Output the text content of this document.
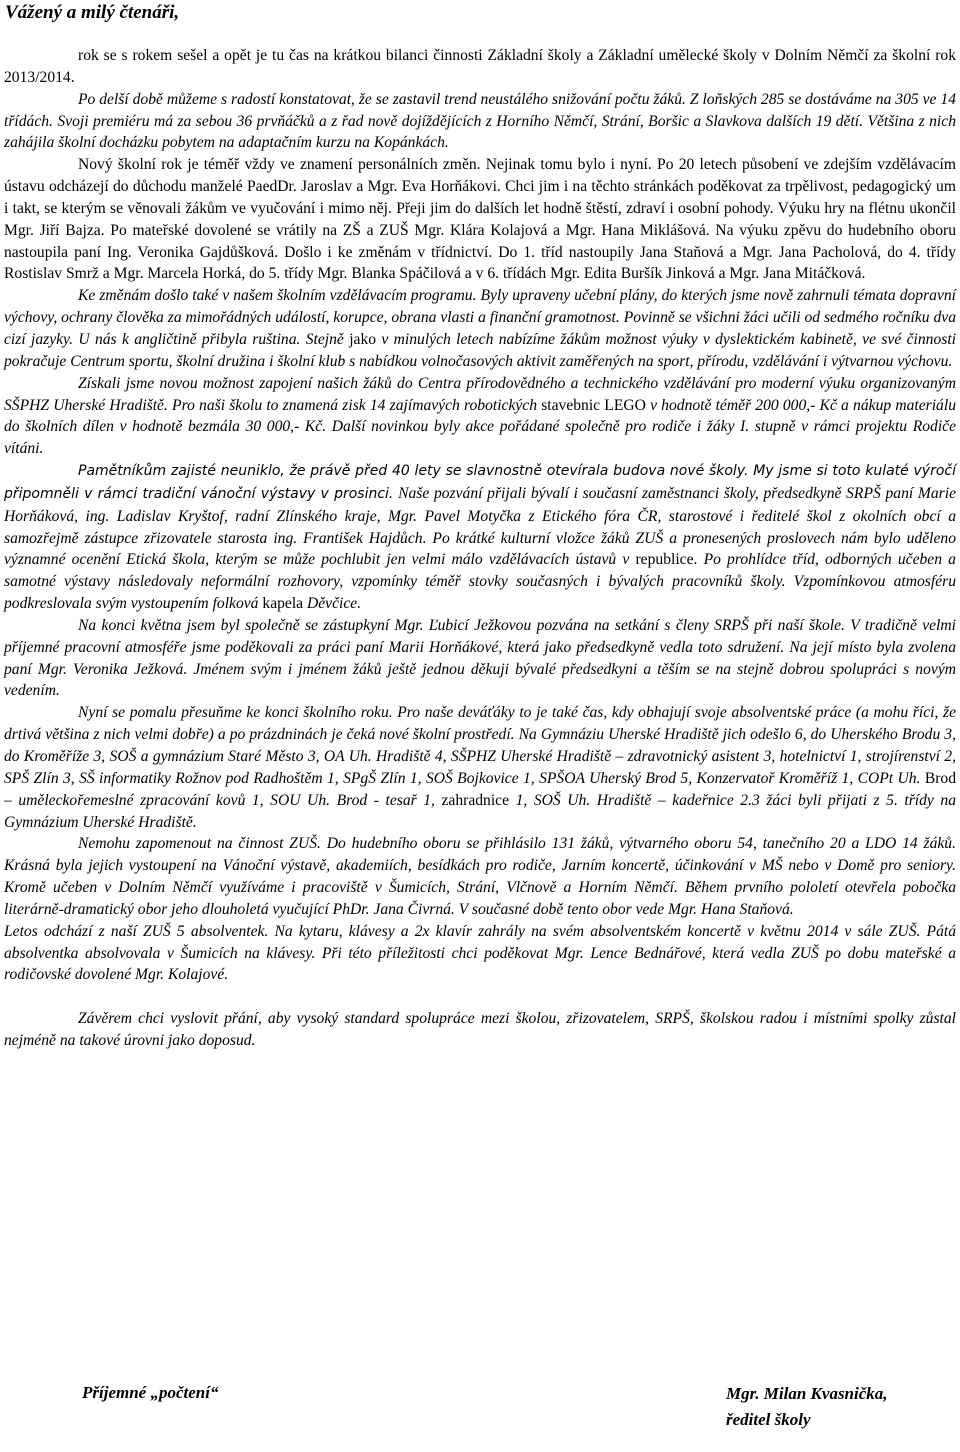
Vážený a milý čtenáři,

rok se s rokem sešel a opět je tu čas na krátkou bilanci činnosti Základní školy a Základní umělecké školy v Dolním Němčí za školní rok 2013/2014.

Po delší době můžeme s radostí konstatovat, že se zastavil trend neustálého snižování počtu žáků. Z loňských 285 se dostáváme na 305 ve 14 třídách. Svoji premiéru má za sebou 36 prvňáčků a z řad nově dojíždějících z Horního Němčí, Strání, Boršic a Slavkova dalších 19 dětí. Většina z nich zahájila školní docházku pobytem na adaptačním kurzu na Kopánkách.

Nový školní rok je téměř vždy ve znamení personálních změn. Nejinak tomu bylo i nyní. Po 20 letech působení ve zdejším vzdělávacím ústavu odcházejí do důchodu manželé PaedDr. Jaroslav a Mgr. Eva Horňákovi. Chci jim i na těchto stránkách poděkovat za trpělivost, pedagogický um i takt, se kterým se věnovali žákům ve vyučování i mimo něj. Přeji jim do dalších let hodně štěstí, zdraví i osobní pohody. Výuku hry na flétnu ukončil Mgr. Jiří Bajza. Po mateřské dovolené se vrátily na ZŠ a ZUŠ Mgr. Klára Kolajová a Mgr. Hana Miklášová. Na výuku zpěvu do hudebního oboru nastoupila paní Ing. Veronika Gajdůšková. Došlo i ke změnám v třídnictví. Do 1. tříd nastoupily Jana Staňová a Mgr. Jana Pacholová, do 4. třídy Rostislav Smrž a Mgr. Marcela Horká, do 5. třídy Mgr. Blanka Spáčilová a v 6. třídách Mgr. Edita Buršík Jinková a Mgr. Jana Mitáčková.

Ke změnám došlo také v našem školním vzdělávacím programu. Byly upraveny učební plány, do kterých jsme nově zahrnuli témata dopravní výchovy, ochrany člověka za mimořádných událostí, korupce, obrana vlasti a finanční gramotnost. Povinně se všichni žáci učili od sedmého ročníku dva cizí jazyky. U nás k angličtině přibyla ruština. Stejně jako v minulých letech nabízíme žákům možnost výuky v dyslektickém kabinetě, ve své činnosti pokračuje Centrum sportu, školní družina i školní klub s nabídkou volnočasových aktivit zaměřených na sport, přírodu, vzdělávání i výtvarnou výchovu.

Získali jsme novou možnost zapojení našich žáků do Centra přírodovědného a technického vzdělávání pro moderní výuku organizovaným SŠPHZ Uherské Hradiště. Pro naši školu to znamená zisk 14 zajímavých robotických stavebnic LEGO v hodnotě téměř 200 000,- Kč a nákup materiálu do školních dílen v hodnotě bezmála 30 000,- Kč. Další novinkou byly akce pořádané společně pro rodiče i žáky I. stupně v rámci projektu Rodiče vítáni.

Pamětníkům zajisté neuniklo, že právě před 40 lety se slavnostně otevírala budova nové školy. My jsme si toto kulaté výročí připomněli v rámci tradiční vánoční výstavy v prosinci. Naše pozvání přijali bývalí i současní zaměstnanci školy, předsedkyně SRPŠ paní Marie Horňáková, ing. Ladislav Kryštof, radní Zlínského kraje, Mgr. Pavel Motyčka z Etického fóra ČR, starostové i ředitelé škol z okolních obcí a samozřejmě zástupce zřizovatele starosta ing. František Hajdůch. Po krátké kulturní vložce žáků ZUŠ a pronesených proslovech nám bylo uděleno významné ocenění Etická škola, kterým se může pochlubit jen velmi málo vzdělávacích ústavů v republice. Po prohlídce tříd, odborných učeben a samotné výstavy následovaly neformální rozhovory, vzpomínky téměř stovky současných i bývalých pracovníků školy. Vzpomínkovou atmosféru podkreslovala svým vystoupením folková kapela Děvčice.

Na konci května jsem byl společně se zástupkyní Mgr. Ľubicí Ježkovou pozvána na setkání s členy SRPŠ při naší škole. V tradičně velmi příjemné pracovní atmosféře jsme poděkovali za práci paní Marii Horňákové, která jako předsedkyně vedla toto sdružení. Na její místo byla zvolena paní Mgr. Veronika Ježková. Jménem svým i jménem žáků ještě jednou děkuji bývalé předsedkyni a těším se na stejně dobrou spolupráci s novým vedením.

Nyní se pomalu přesuňme ke konci školního roku. Pro naše deváťáky to je také čas, kdy obhajují svoje absolventské práce (a mohu říci, že drtivá většina z nich velmi dobře) a po prázdninách je čeká nové školní prostředí. Na Gymnáziu Uherské Hradiště jich odešlo 6, do Uherského Brodu 3, do Kroměříže 3, SOŠ a gymnázium Staré Město 3, OA Uh. Hradiště 4, SŠPHZ Uherské Hradiště – zdravotnický asistent 3, hotelnictví 1, strojírenství 2, SPŠ Zlín 3, SŠ informatiky Rožnov pod Radhoštěm 1, SPgŠ Zlín 1, SOŠ Bojkovice 1, SPŠOA Uherský Brod 5, Konzervatoř Kroměříž 1, COPt Uh. Brod – uměleckořemeslné zpracování kovů 1, SOU Uh. Brod - tesař 1, zahradnice 1, SOŠ Uh. Hradiště – kadeřnice 2.3 žáci byli přijati z 5. třídy na Gymnázium Uherské Hradiště.

Nemohu zapomenout na činnost ZUŠ. Do hudebního oboru se přihlásilo 131 žáků, výtvarného oboru 54, tanečního 20 a LDO 14 žáků. Krásná byla jejich vystoupení na Vánoční výstavě, akademiích, besídkách pro rodiče, Jarním koncertě, účinkování v MŠ nebo v Domě pro seniory. Kromě učeben v Dolním Němčí využíváme i pracoviště v Šumicích, Strání, Vlčnově a Horním Němčí. Během prvního pololetí otevřela pobočka literárně-dramatický obor jeho dlouholetá vyučující PhDr. Jana Čivrná. V současné době tento obor vede Mgr. Hana Staňová.

Letos odchází z naší ZUŠ 5 absolventek. Na kytaru, klávesy a 2x klavír zahrály na svém absolventském koncertě v květnu 2014 v sále ZUŠ. Pátá absolventka absolvovala v Šumicích na klávesy. Při této příležitosti chci poděkovat Mgr. Lence Bednářové, která vedla ZUŠ po dobu mateřské a rodičovské dovolené Mgr. Kolajové.

Závěrem chci vyslovit přání, aby vysoký standard spolupráce mezi školou, zřizovatelem, SRPŠ, školskou radou i místními spolky zůstal nejméně na takové úrovni jako doposud.

Příjemné „počtení“	Mgr. Milan Kvasnička,
ředitel školy
